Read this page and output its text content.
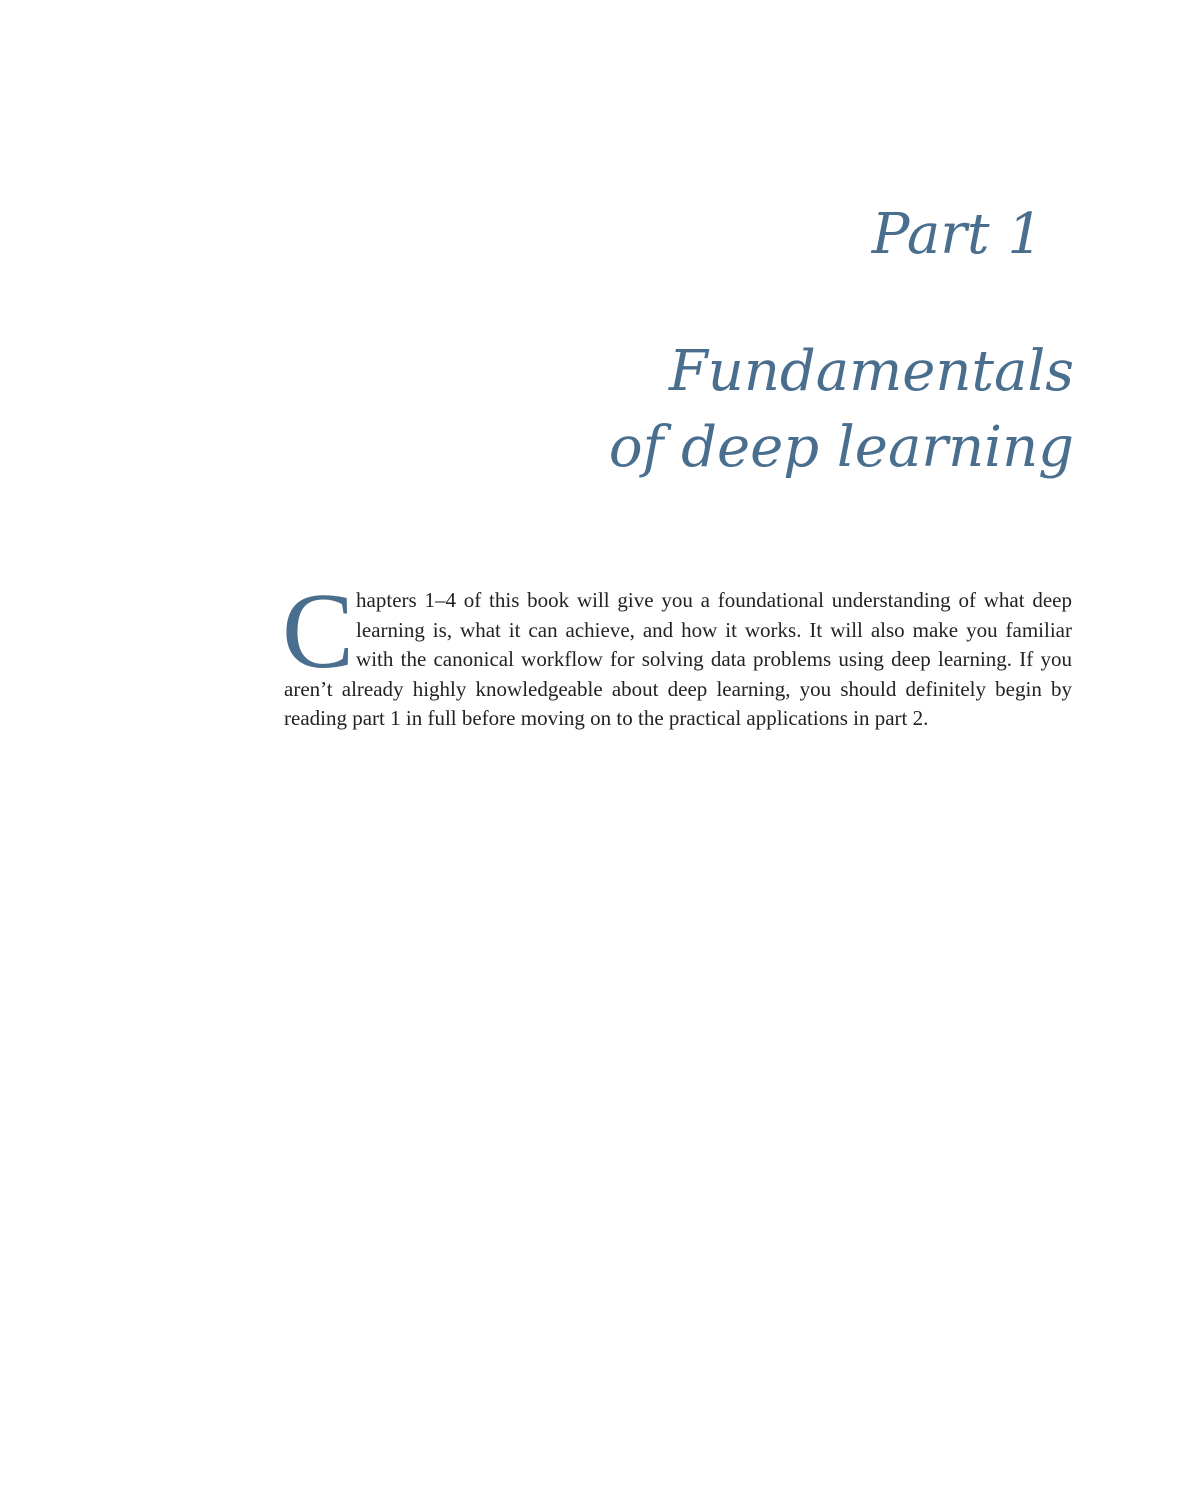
Part 1
Fundamentals
of deep learning

Chapters 1–4 of this book will give you a foundational understanding of what deep learning is, what it can achieve, and how it works. It will also make you familiar with the canonical workflow for solving data problems using deep learning. If you aren’t already highly knowledgeable about deep learning, you should definitely begin by reading part 1 in full before moving on to the practical applications in part 2.
